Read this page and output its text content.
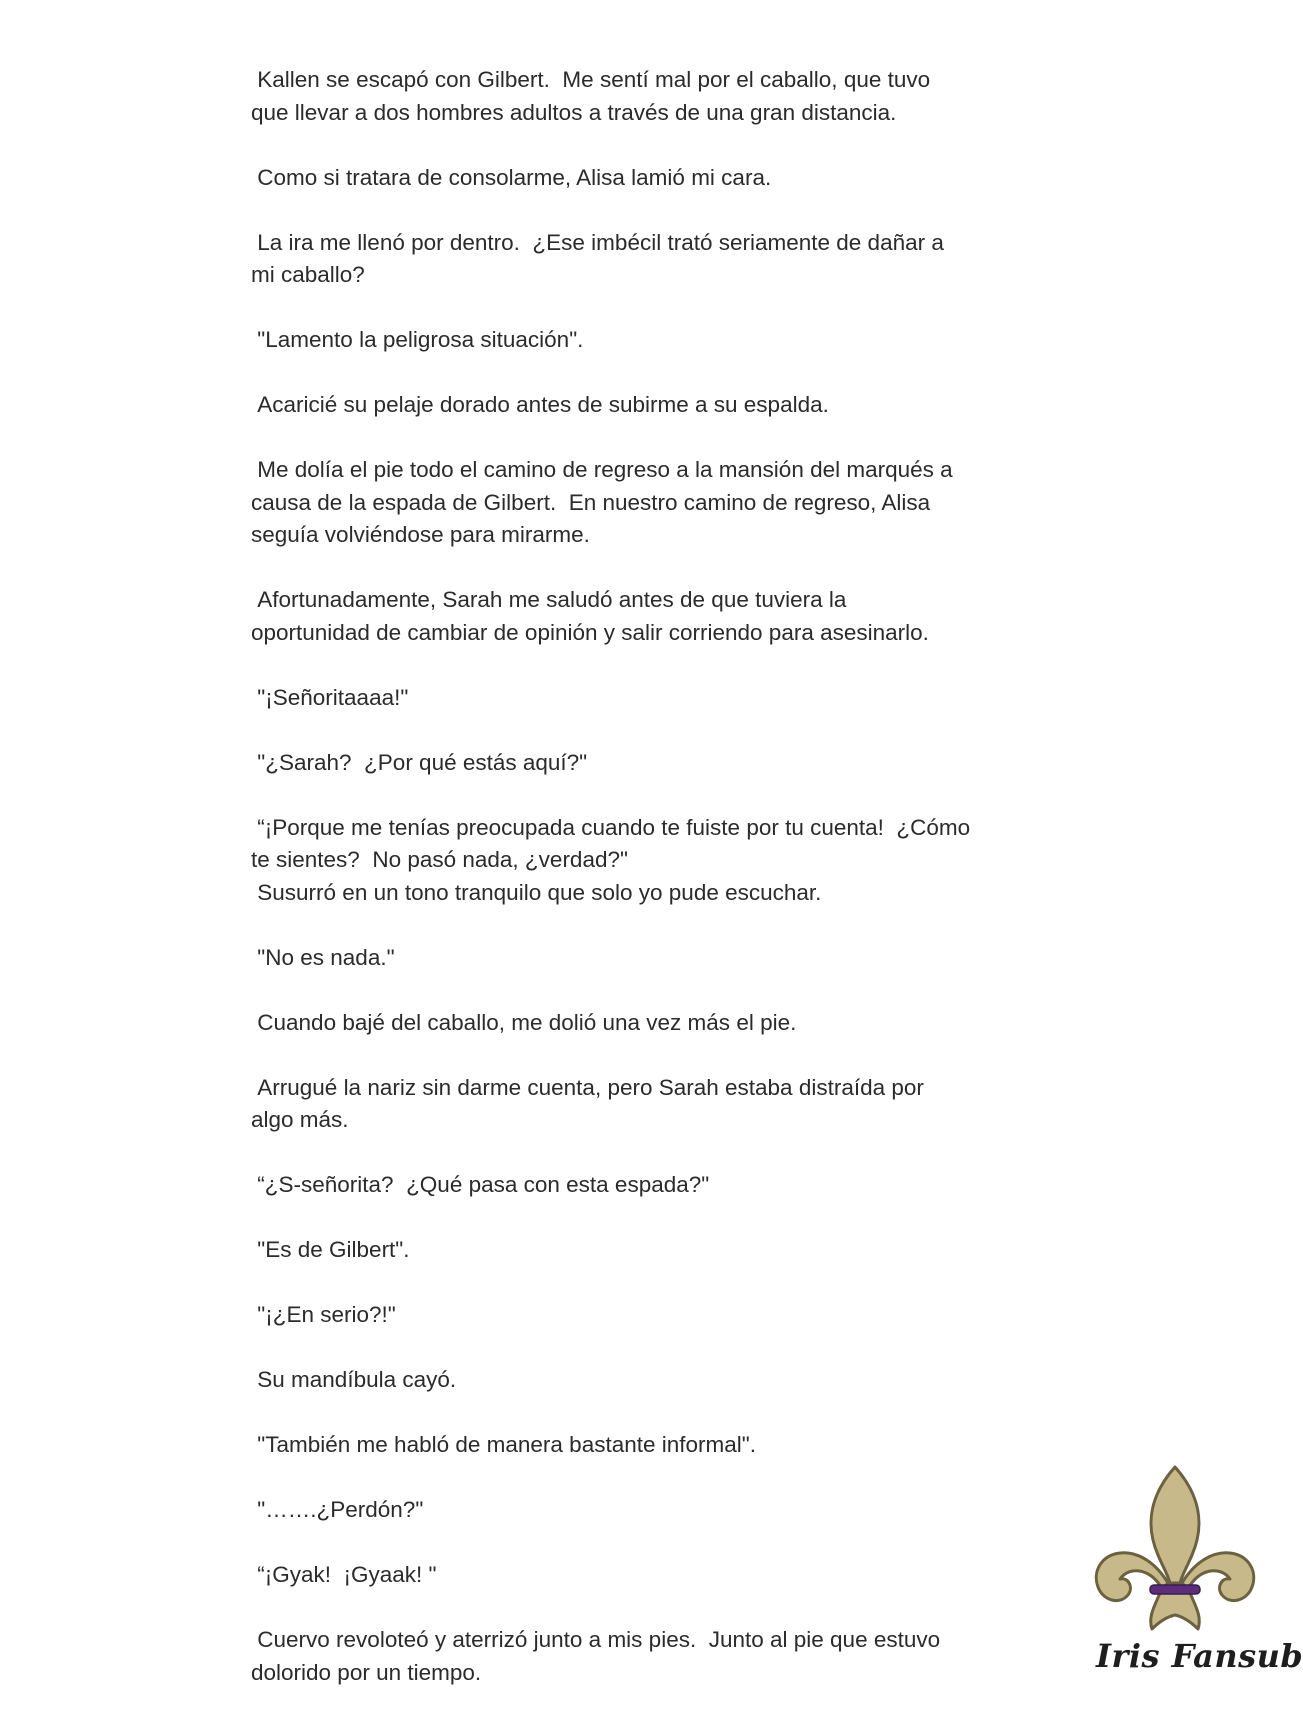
Kallen se escapó con Gilbert.  Me sentí mal por el caballo, que tuvo
que llevar a dos hombres adultos a través de una gran distancia.

Como si tratara de consolarme, Alisa lamió mi cara.

La ira me llenó por dentro.  ¿Ese imbécil trató seriamente de dañar a
mi caballo?

"Lamento la peligrosa situación".

Acaricié su pelaje dorado antes de subirme a su espalda.

Me dolía el pie todo el camino de regreso a la mansión del marqués a
causa de la espada de Gilbert.  En nuestro camino de regreso, Alisa
seguía volviéndose para mirarme.

Afortunadamente, Sarah me saludó antes de que tuviera la
oportunidad de cambiar de opinión y salir corriendo para asesinarlo.

"¡Señoritaaaa!"

"¿Sarah?  ¿Por qué estás aquí?"

“¡Porque me tenías preocupada cuando te fuiste por tu cuenta!  ¿Cómo
te sientes?  No pasó nada, ¿verdad?"
Susurró en un tono tranquilo que solo yo pude escuchar.

"No es nada."

Cuando bajé del caballo, me dolió una vez más el pie.

Arrugué la nariz sin darme cuenta, pero Sarah estaba distraída por
algo más.

“¿S-señorita?  ¿Qué pasa con esta espada?"

"Es de Gilbert".

"¡¿En serio?!"

Su mandíbula cayó.

"También me habló de manera bastante informal".

"…….¿Perdón?"

“¡Gyak!  ¡Gyaak! "

Cuervo revoloteó y aterrizó junto a mis pies.  Junto al pie que estuvo
dolorido por un tiempo.	Iris Fansub
